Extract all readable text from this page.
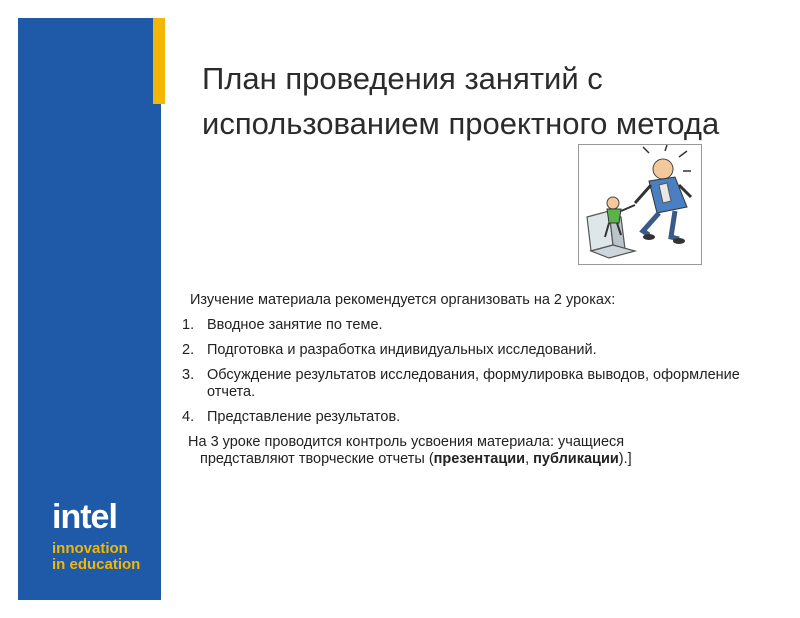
intel
innovation in education
План проведения занятий с использованием проектного метода

Изучение материала рекомендуется организовать на 2 уроках:

1. Вводное занятие по теме.
2. Подготовка и разработка индивидуальных исследований.
3. Обсуждение результатов исследования, формулировка выводов, оформление отчета.
4. Представление результатов.

На 3 уроке проводится контроль усвоения материала: учащиеся представляют творческие отчеты (презентации, публикации).]
